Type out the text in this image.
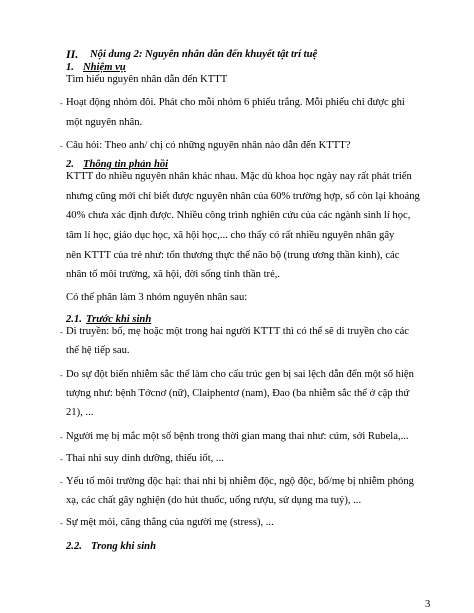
II. Nội dung 2: Nguyên nhân dẫn đến khuyết tật trí tuệ
1. Nhiệm vụ
Tìm hiểu nguyên nhân dẫn đến KTTT
- Hoạt động nhóm đôi. Phát cho mỗi nhóm 6 phiếu trắng. Mỗi phiếu chỉ được ghi
một nguyên nhân.
- Câu hỏi: Theo anh/ chị có những nguyên nhân nào dẫn đến KTTT?
2. Thông tin phản hồi
KTTT do nhiều nguyên nhân khác nhau. Mặc dù khoa học ngày nay rất phát triển
nhưng cũng mới chỉ biết được nguyên nhân của 60% trường hợp, số còn lại khoảng
40% chưa xác định được. Nhiều công trình nghiên cứu của các ngành sinh lí học,
tâm lí học, giáo dục học, xã hội học,... cho thấy có rất nhiều nguyên nhân gây
nên KTTT của trẻ như: tổn thương thực thể não bộ (trung ương thần kinh), các
nhân tố môi trường, xã hội, đời sống tinh thần trẻ,.
Có thể phân làm 3 nhóm nguyên nhân sau:
2.1. Trước khi sinh
- Di truyền: bố, mẹ hoặc một trong hai người KTTT thì có thể sẽ di truyền cho các
thế hệ tiếp sau.
- Do sự đột biến nhiễm sắc thể làm cho cấu trúc gen bị sai lệch dẫn đến một số hiện
tượng như: bệnh Tớcnơ (nữ), Claiphentơ (nam), Đao (ba nhiễm sắc thể ở cặp thứ
21), ...
- Người mẹ bị mắc một số bệnh trong thời gian mang thai như: cúm, sởi Rubela,...
- Thai nhi suy dinh dưỡng, thiếu iốt, ...
- Yếu tố môi trường độc hại: thai nhi bị nhiễm độc, ngộ độc, bố/mẹ bị nhiễm phóng
xạ, các chất gây nghiện (do hút thuốc, uống rượu, sử dụng ma tuý), ...
- Sự mệt mỏi, căng thẳng của người mẹ (stress), ...
2.2. Trong khi sinh
3
